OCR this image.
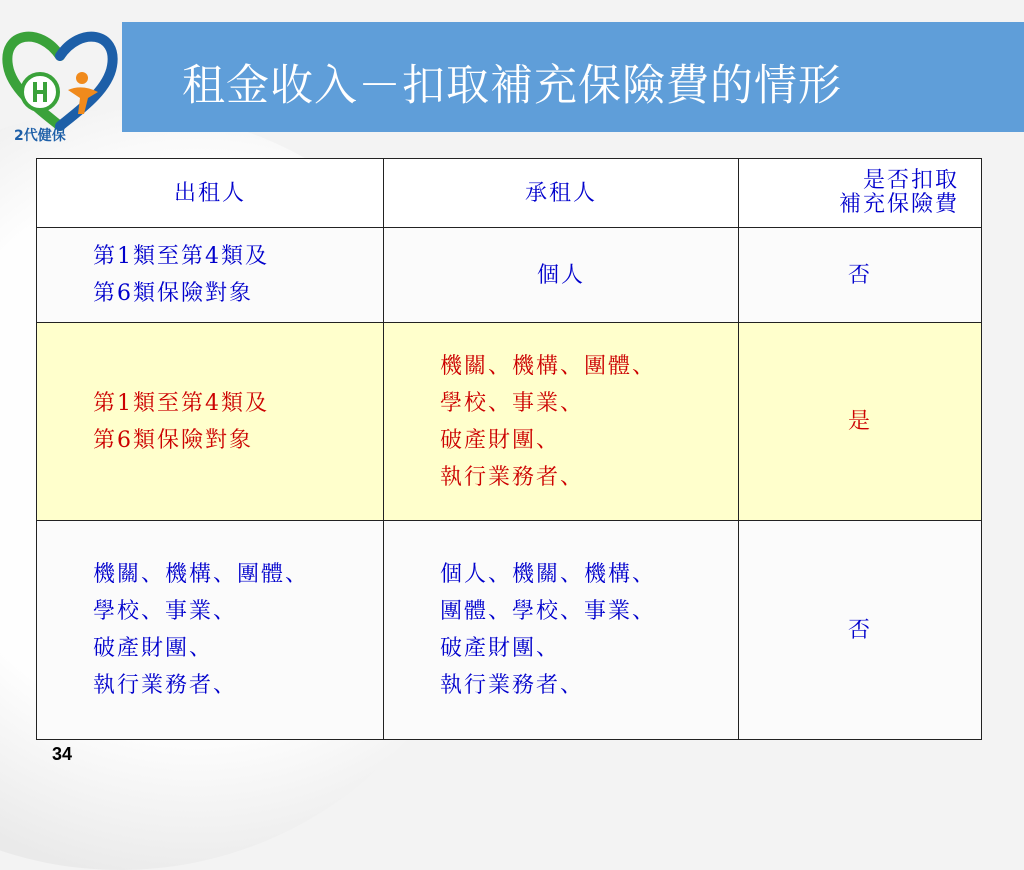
2代健保
租金收入－扣取補充保險費的情形
出租人	承租人	是否扣取
補充保險費

第1類至第4類及
第6類保險對象	個人	否

第1類至第4類及
第6類保險對象	機關、機構、團體、
學校、事業、
破產財團、
執行業務者、	是

機關、機構、團體、
學校、事業、
破產財團、
執行業務者、	個人、機關、機構、
團體、學校、事業、
破產財團、
執行業務者、	否
34
